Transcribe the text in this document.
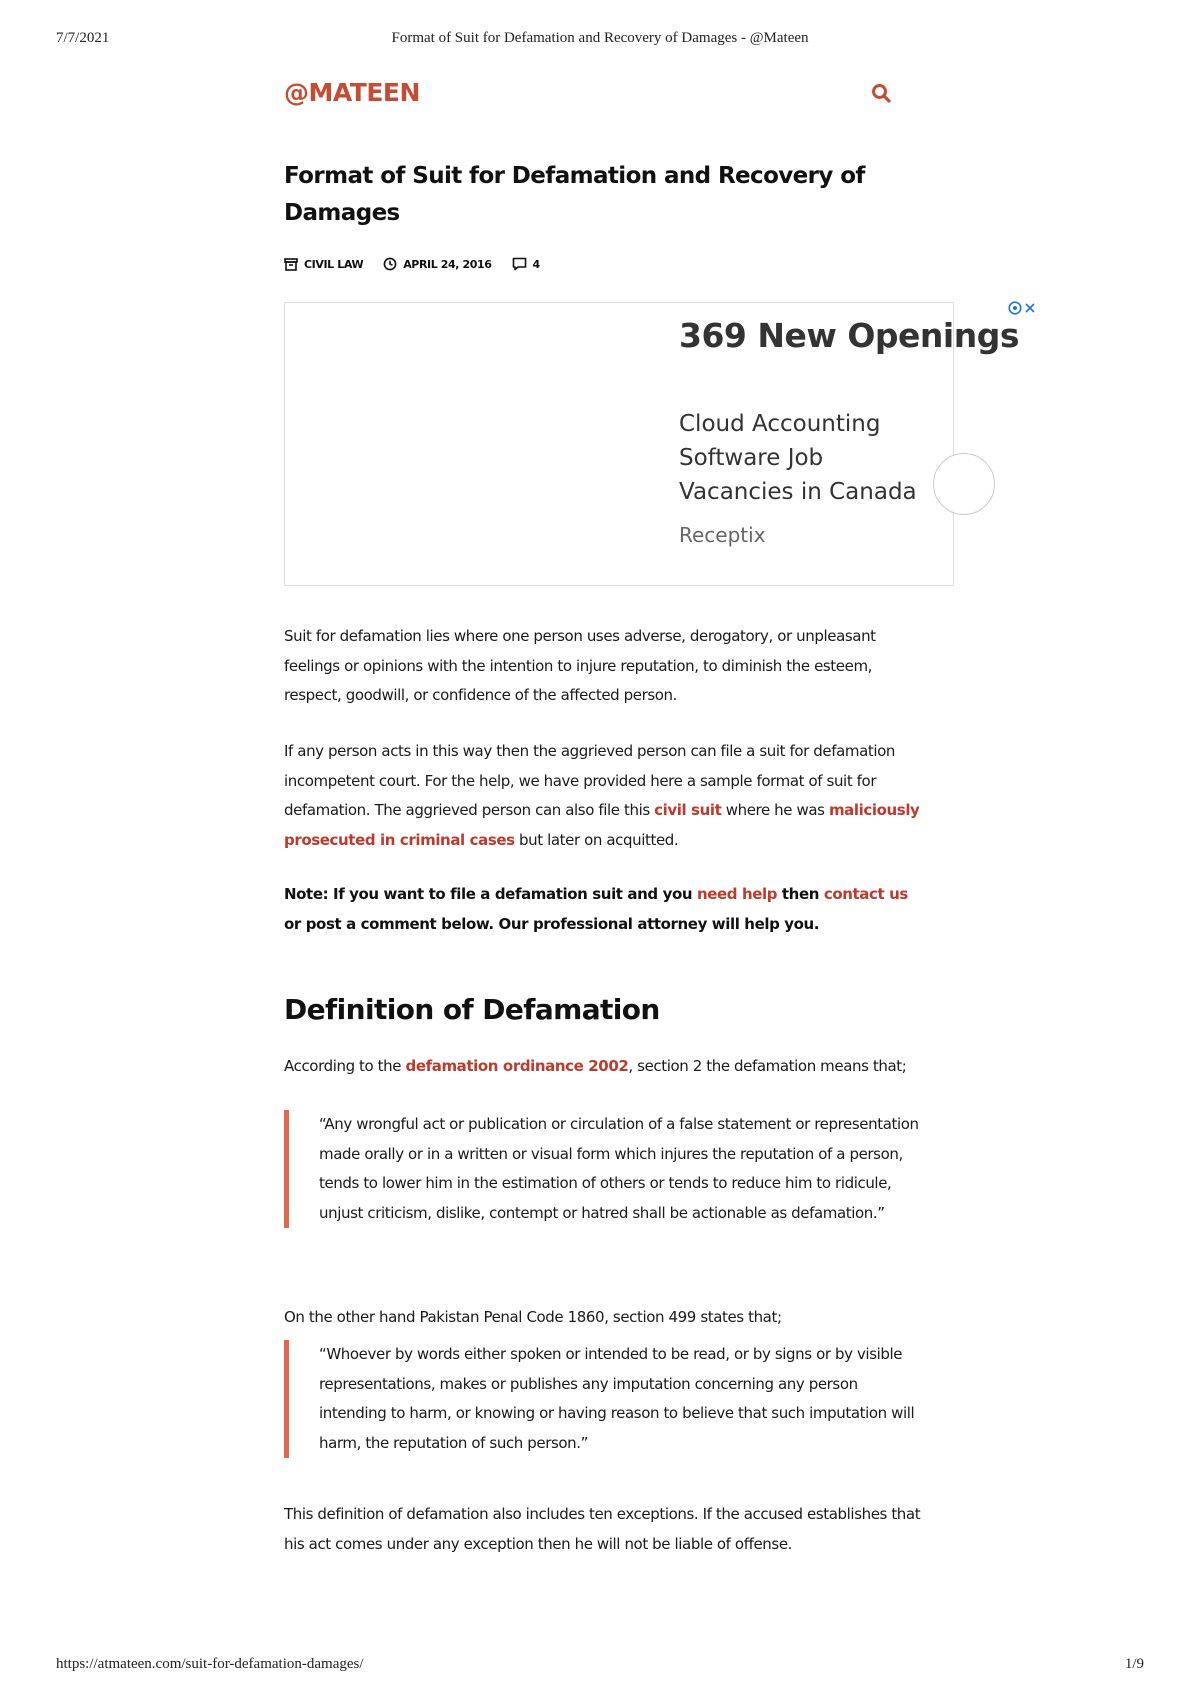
7/7/2021	Format of Suit for Defamation and Recovery of Damages - @Mateen
@MATEEN
Format of Suit for Defamation and Recovery of Damages
CIVIL LAW	APRIL 24, 2016	4
369 New Openings
Cloud Accounting Software Job Vacancies in Canada
Receptix

Suit for defamation lies where one person uses adverse, derogatory, or unpleasant feelings or opinions with the intention to injure reputation, to diminish the esteem, respect, goodwill, or confidence of the affected person.

If any person acts in this way then the aggrieved person can file a suit for defamation incompetent court. For the help, we have provided here a sample format of suit for defamation. The aggrieved person can also file this civil suit where he was maliciously prosecuted in criminal cases but later on acquitted.

Note: If you want to file a defamation suit and you need help then contact us or post a comment below. Our professional attorney will help you.

Definition of Defamation

According to the defamation ordinance 2002, section 2 the defamation means that;

“Any wrongful act or publication or circulation of a false statement or representation made orally or in a written or visual form which injures the reputation of a person, tends to lower him in the estimation of others or tends to reduce him to ridicule, unjust criticism, dislike, contempt or hatred shall be actionable as defamation.”

On the other hand Pakistan Penal Code 1860, section 499 states that;

“Whoever by words either spoken or intended to be read, or by signs or by visible representations, makes or publishes any imputation concerning any person intending to harm, or knowing or having reason to believe that such imputation will harm, the reputation of such person.”

This definition of defamation also includes ten exceptions. If the accused establishes that his act comes under any exception then he will not be liable of offense.

https://atmateen.com/suit-for-defamation-damages/	1/9
